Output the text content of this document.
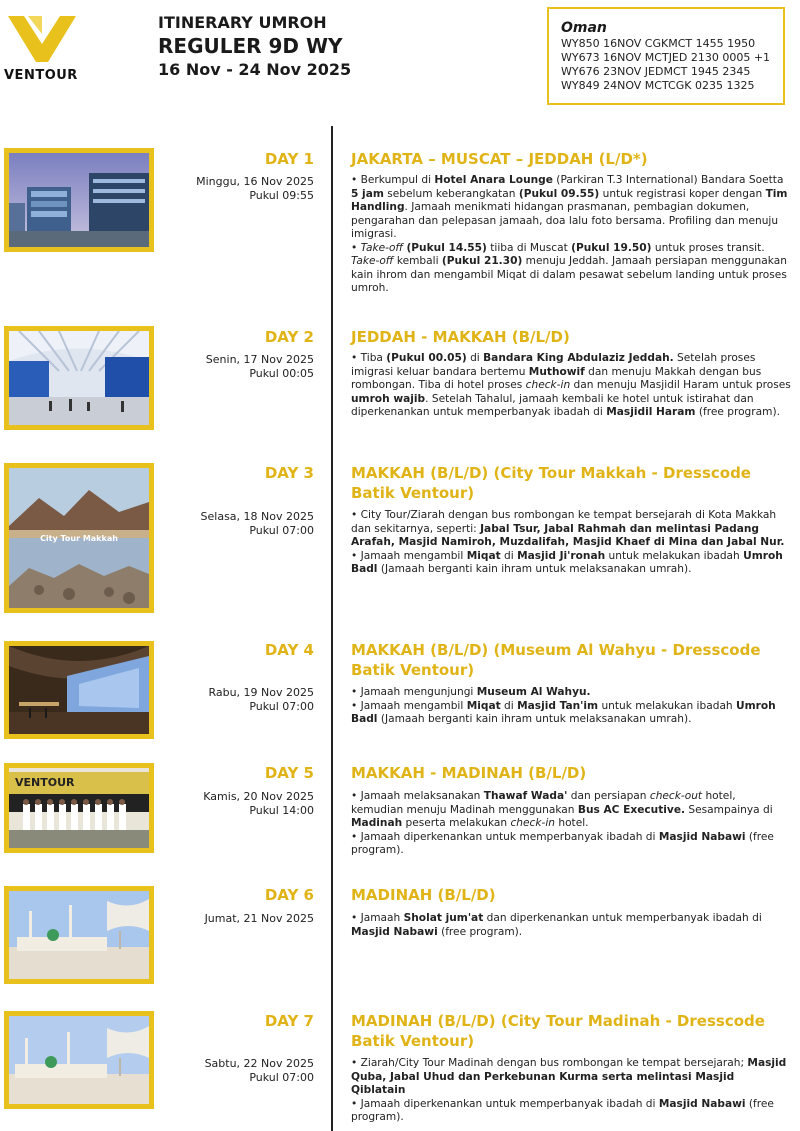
VENTOUR
ITINERARY UMROH
REGULER 9D WY
16 Nov - 24 Nov 2025
Oman
WY850 16NOV CGKMCT 1455 1950
WY673 16NOV MCTJED 2130 0005 +1
WY676 23NOV JEDMCT 1945 2345
WY849 24NOV MCTCGK 0235 1325
DAY 1
Minggu, 16 Nov 2025
Pukul 09:55
JAKARTA – MUSCAT – JEDDAH (L/D*)

• Berkumpul di Hotel Anara Lounge (Parkiran T.3 International) Bandara Soetta 5 jam sebelum keberangkatan (Pukul 09.55) untuk registrasi koper dengan Tim Handling. Jamaah menikmati hidangan prasmanan, pembagian dokumen, pengarahan dan pelepasan jamaah, doa lalu foto bersama. Profiling dan menuju imigrasi.

• Take-off (Pukul 14.55) tiiba di Muscat (Pukul 19.50) untuk proses transit. Take-off kembali (Pukul 21.30) menuju Jeddah. Jamaah persiapan menggunakan kain ihrom dan mengambil Miqat di dalam pesawat sebelum landing untuk proses umroh.

DAY 2
Senin, 17 Nov 2025
Pukul 00:05
JEDDAH - MAKKAH (B/L/D)

• Tiba (Pukul 00.05) di Bandara King Abdulaziz Jeddah. Setelah proses imigrasi keluar bandara bertemu Muthowif dan menuju Makkah dengan bus rombongan. Tiba di hotel proses check-in dan menuju Masjidil Haram untuk proses umroh wajib. Setelah Tahalul, jamaah kembali ke hotel untuk istirahat dan diperkenankan untuk memperbanyak ibadah di Masjidil Haram (free program).

City Tour Makkah
DAY 3
Selasa, 18 Nov 2025
Pukul 07:00
MAKKAH (B/L/D) (City Tour Makkah - Dresscode Batik Ventour)

• City Tour/Ziarah dengan bus rombongan ke tempat bersejarah di Kota Makkah dan sekitarnya, seperti: Jabal Tsur, Jabal Rahmah dan melintasi Padang Arafah, Masjid Namiroh, Muzdalifah, Masjid Khaef di Mina dan Jabal Nur.

• Jamaah mengambil Miqat di Masjid Ji'ronah untuk melakukan ibadah Umroh Badl (Jamaah berganti kain ihram untuk melaksanakan umrah).

DAY 4
Rabu, 19 Nov 2025
Pukul 07:00
MAKKAH (B/L/D) (Museum Al Wahyu - Dresscode Batik Ventour)

• Jamaah mengunjungi Museum Al Wahyu.

• Jamaah mengambil Miqat di Masjid Tan'im untuk melakukan ibadah Umroh Badl (Jamaah berganti kain ihram untuk melaksanakan umrah).

VENTOUR
DAY 5
Kamis, 20 Nov 2025
Pukul 14:00
MAKKAH - MADINAH (B/L/D)

• Jamaah melaksanakan Thawaf Wada' dan persiapan check-out hotel, kemudian menuju Madinah menggunakan Bus AC Executive. Sesampainya di Madinah peserta melakukan check-in hotel.

• Jamaah diperkenankan untuk memperbanyak ibadah di Masjid Nabawi (free program).

DAY 6
Jumat, 21 Nov 2025
MADINAH (B/L/D)

• Jamaah Sholat jum'at dan diperkenankan untuk memperbanyak ibadah di Masjid Nabawi (free program).

DAY 7
Sabtu, 22 Nov 2025
Pukul 07:00
MADINAH (B/L/D) (City Tour Madinah - Dresscode Batik Ventour)

• Ziarah/City Tour Madinah dengan bus rombongan ke tempat bersejarah; Masjid Quba, Jabal Uhud dan Perkebunan Kurma serta melintasi Masjid Qiblatain

• Jamaah diperkenankan untuk memperbanyak ibadah di Masjid Nabawi (free program).
